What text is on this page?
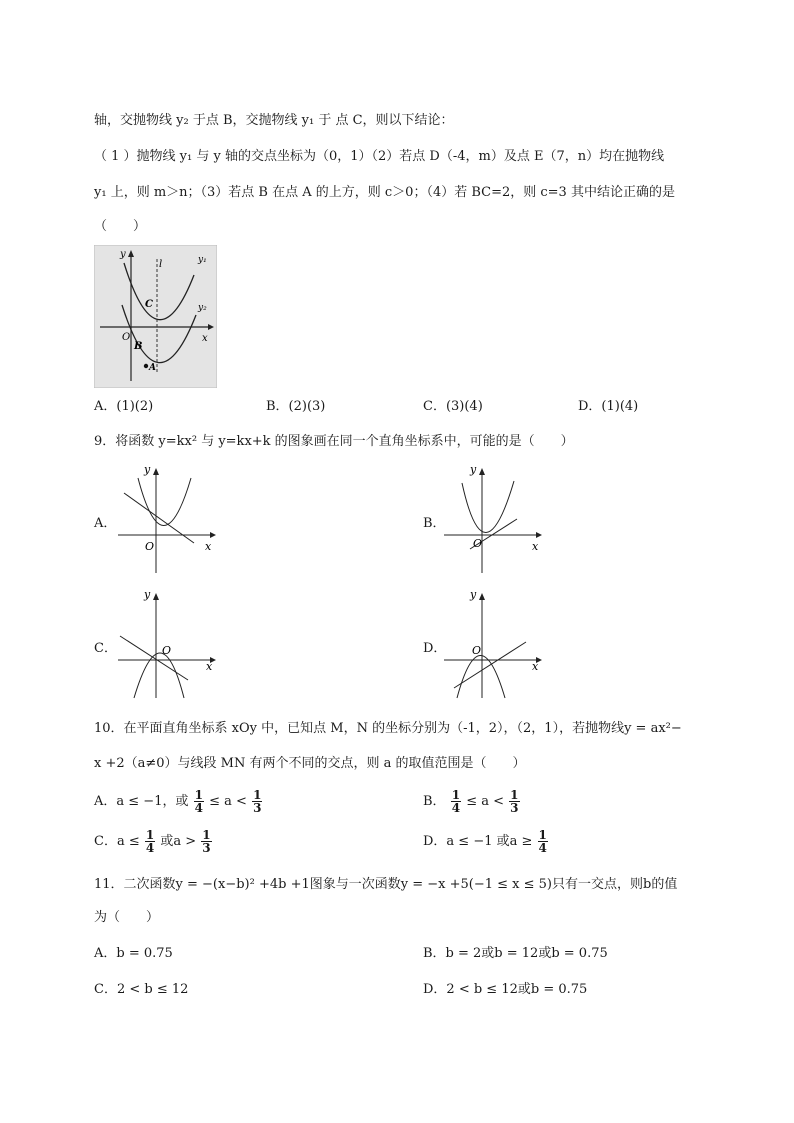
轴，交抛物线 y₂ 于点 B，交抛物线 y₁ 于 点 C，则以下结论：
（ 1 ）抛物线 y₁ 与 y 轴的交点坐标为（0，1）（2）若点 D（-4，m）及点 E（7，n）均在抛物线
y₁ 上，则 m＞n；（3）若点 B 在点 A 的上方，则 c＞0；（4）若 BC=2，则 c=3 其中结论正确的是
（　　）
y
x
O
l	y₁
y₂
C
B
A
A．(1)(2)	B．(2)(3)	C．(3)(4)	D．(1)(4)
9．将函数 y=kx² 与 y=kx+k 的图象画在同一个直角坐标系中，可能的是（　　）
A．
y
x
O
B．
y
x
O
C．
y
x
O	D．
y
x
O
10．在平面直角坐标系 xOy 中，已知点 M，N 的坐标分别为（-1，2），（2，1），若抛物线y = ax²−
x +2（a≠0）与线段 MN 有两个不同的交点，则 a 的取值范围是（　　）
A．a ≤ −1，或 $\frac{1}{4} \le a < \frac{1}{3}$	B． $\frac{1}{4} \le a < \frac{1}{3}$
C．$a \le \frac{1}{4}$ 或$a > \frac{1}{3}$	D．a ≤ −1 或$a \ge \frac{1}{4}$
11．二次函数y = −(x−b)² +4b +1图象与一次函数y = −x +5(−1 ≤ x ≤ 5)只有一交点，则b的值
为（　　）
A．b = 0.75	B．b = 2或b = 12或b = 0.75
C．2 < b ≤ 12	D．2 < b ≤ 12或b = 0.75
